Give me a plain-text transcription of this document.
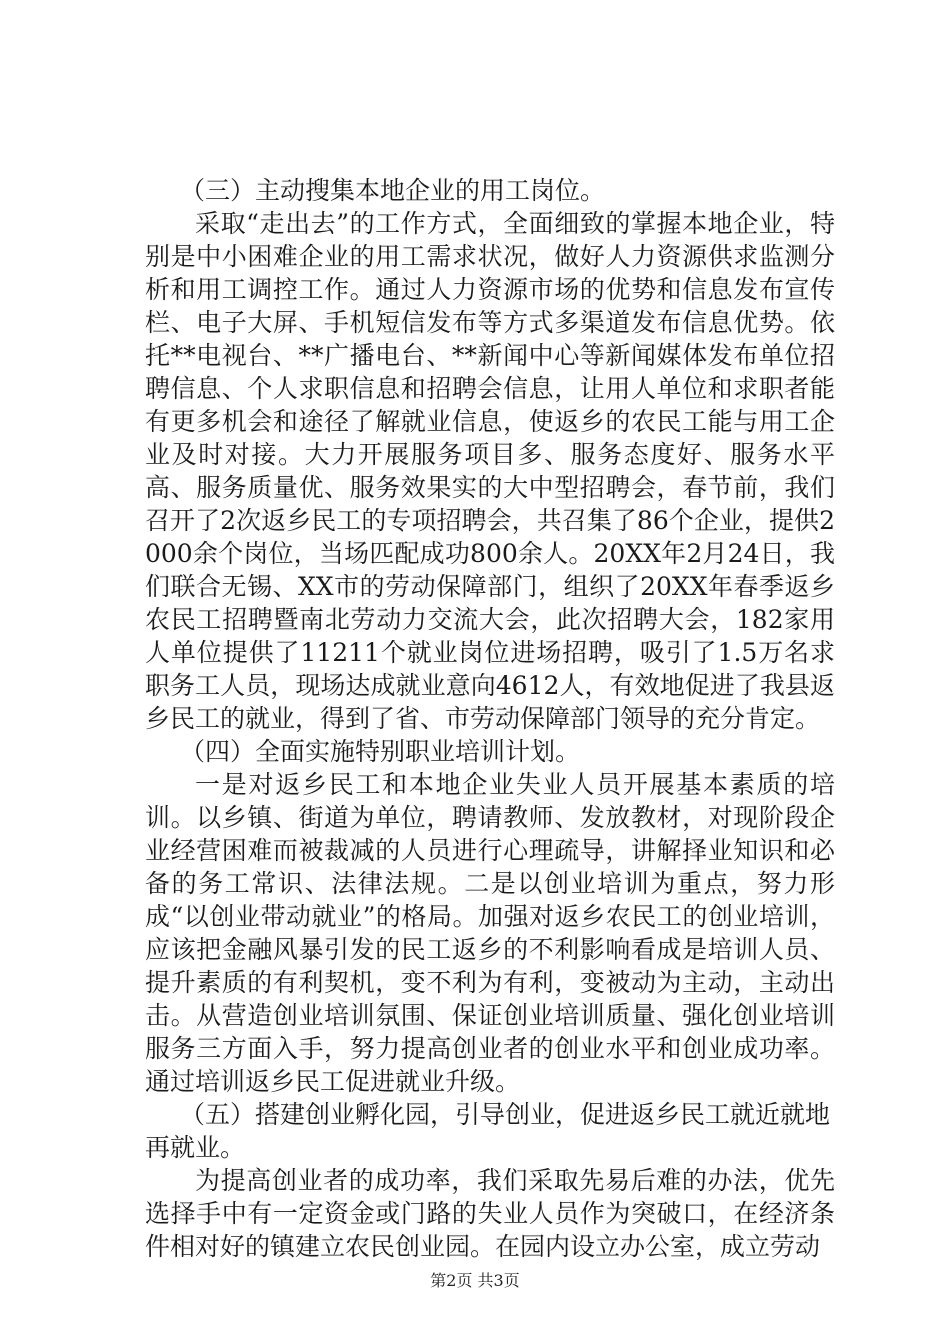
（三）主动搜集本地企业的用工岗位。

采取“走出去”的工作方式，全面细致的掌握本地企业，特别是中小困难企业的用工需求状况，做好人力资源供求监测分析和用工调控工作。通过人力资源市场的优势和信息发布宣传栏、电子大屏、手机短信发布等方式多渠道发布信息优势。依托**电视台、**广播电台、**新闻中心等新闻媒体发布单位招聘信息、个人求职信息和招聘会信息，让用人单位和求职者能有更多机会和途径了解就业信息，使返乡的农民工能与用工企业及时对接。大力开展服务项目多、服务态度好、服务水平高、服务质量优、服务效果实的大中型招聘会，春节前，我们召开了2次返乡民工的专项招聘会，共召集了86个企业，提供2000余个岗位，当场匹配成功800余人。20XX年2月24日，我们联合无锡、XX市的劳动保障部门，组织了20XX年春季返乡农民工招聘暨南北劳动力交流大会，此次招聘大会，182家用人单位提供了11211个就业岗位进场招聘，吸引了1.5万名求职务工人员，现场达成就业意向4612人，有效地促进了我县返乡民工的就业，得到了省、市劳动保障部门领导的充分肯定。

（四）全面实施特别职业培训计划。

一是对返乡民工和本地企业失业人员开展基本素质的培训。以乡镇、街道为单位，聘请教师、发放教材，对现阶段企业经营困难而被裁减的人员进行心理疏导，讲解择业知识和必备的务工常识、法律法规。二是以创业培训为重点，努力形成“以创业带动就业”的格局。加强对返乡农民工的创业培训，应该把金融风暴引发的民工返乡的不利影响看成是培训人员、提升素质的有利契机，变不利为有利，变被动为主动，主动出击。从营造创业培训氛围、保证创业培训质量、强化创业培训服务三方面入手，努力提高创业者的创业水平和创业成功率。通过培训返乡民工促进就业升级。

（五）搭建创业孵化园，引导创业，促进返乡民工就近就地再就业。

为提高创业者的成功率，我们采取先易后难的办法，优先选择手中有一定资金或门路的失业人员作为突破口，在经济条件相对好的镇建立农民创业园。在园内设立办公室，成立劳动

第2页 共3页
